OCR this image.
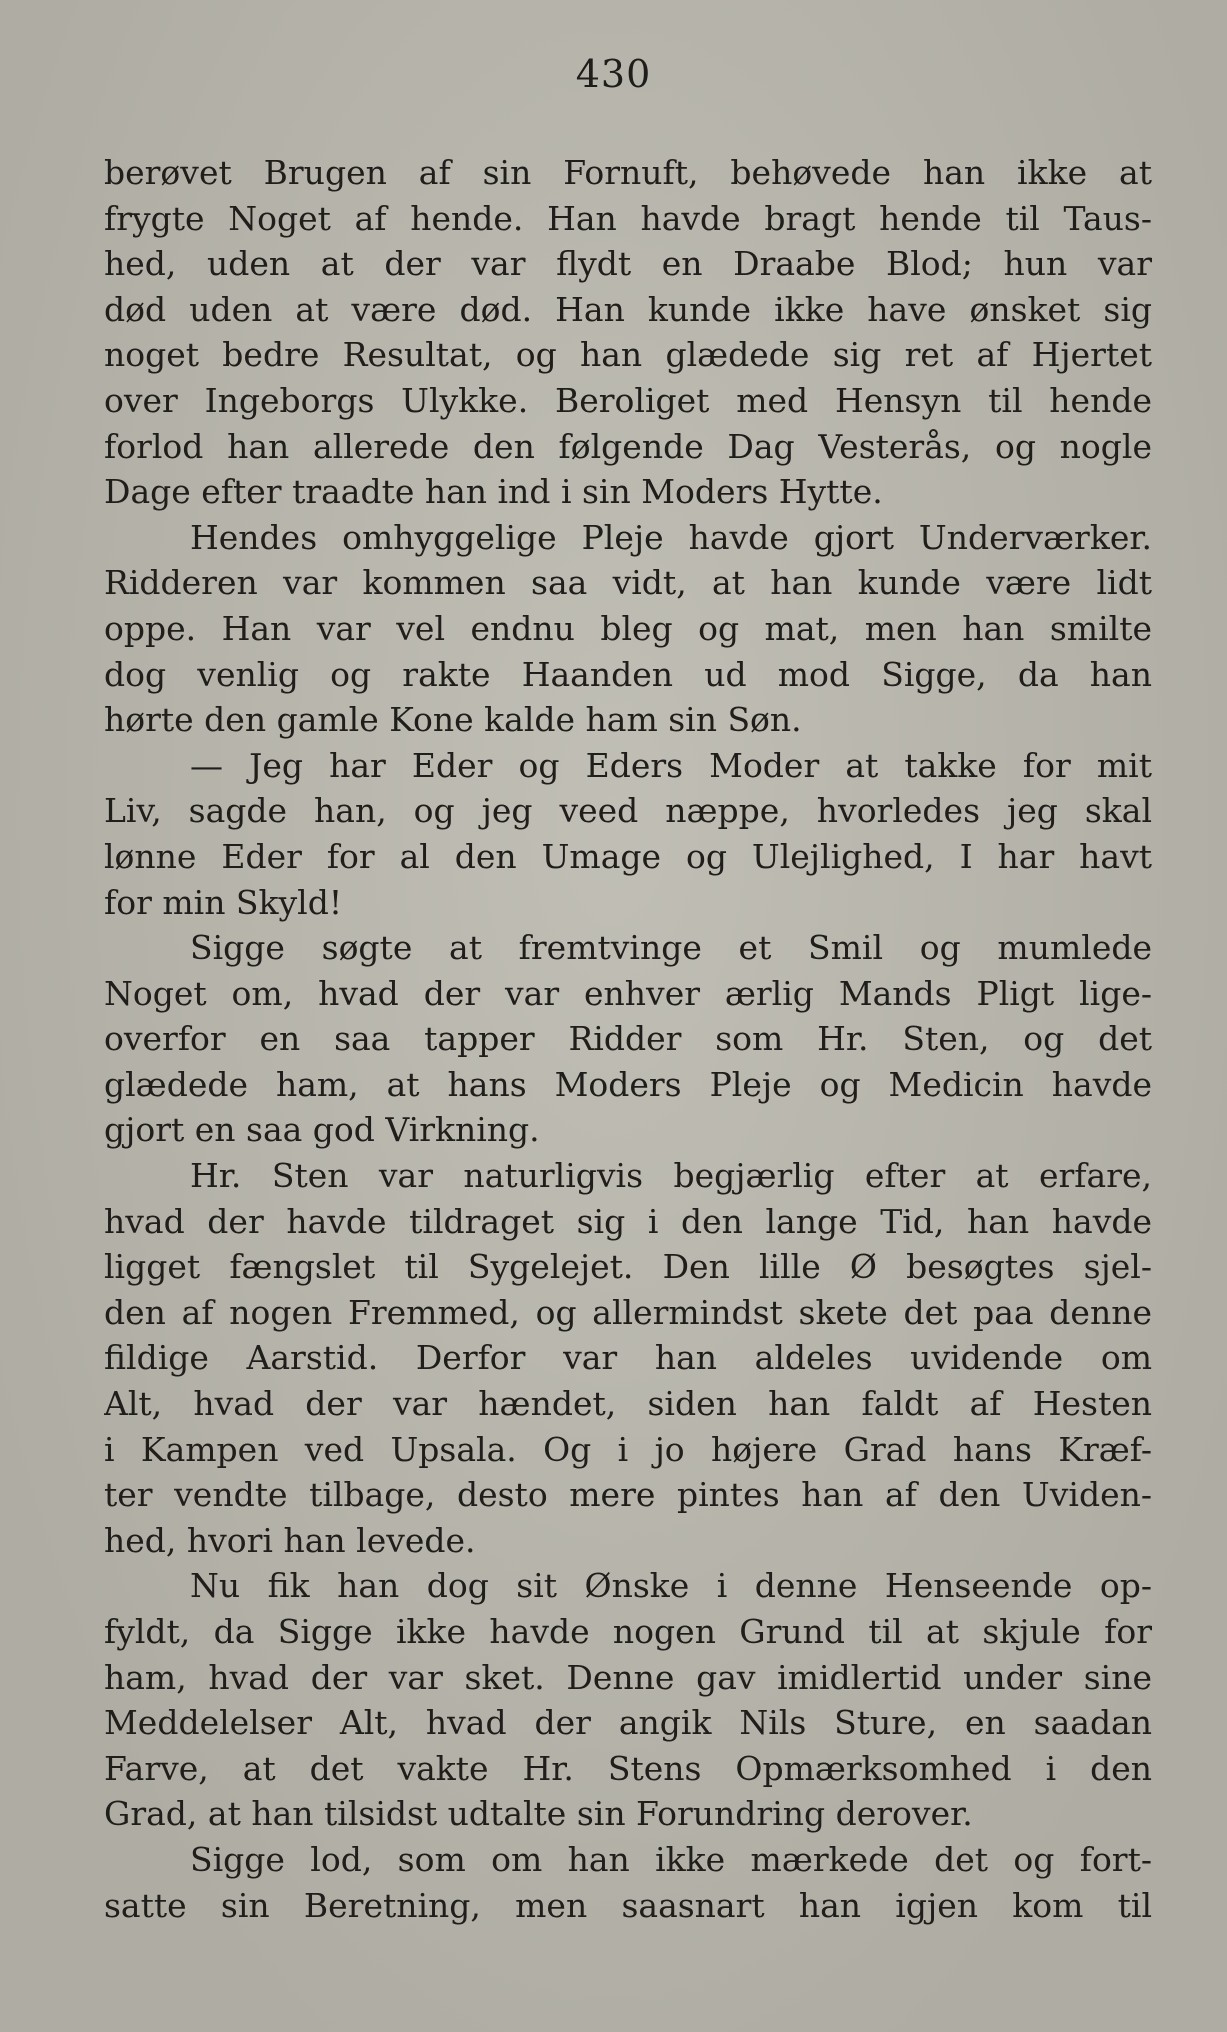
430
berøvet Brugen af sin Fornuft, behøvede han ikke at
frygte Noget af hende. Han havde bragt hende til Taus-
hed, uden at der var flydt en Draabe Blod; hun var
død uden at være død. Han kunde ikke have ønsket sig
noget bedre Resultat, og han glædede sig ret af Hjertet
over Ingeborgs Ulykke. Beroliget med Hensyn til hende
forlod han allerede den følgende Dag Vesterås, og nogle
Dage efter traadte han ind i sin Moders Hytte.
Hendes omhyggelige Pleje havde gjort Underværker.
Ridderen var kommen saa vidt, at han kunde være lidt
oppe. Han var vel endnu bleg og mat, men han smilte
dog venlig og rakte Haanden ud mod Sigge, da han
hørte den gamle Kone kalde ham sin Søn.
— Jeg har Eder og Eders Moder at takke for mit
Liv, sagde han, og jeg veed næppe, hvorledes jeg skal
lønne Eder for al den Umage og Ulejlighed, I har havt
for min Skyld!
Sigge søgte at fremtvinge et Smil og mumlede
Noget om, hvad der var enhver ærlig Mands Pligt lige-
overfor en saa tapper Ridder som Hr. Sten, og det
glædede ham, at hans Moders Pleje og Medicin havde
gjort en saa god Virkning.
Hr. Sten var naturligvis begjærlig efter at erfare,
hvad der havde tildraget sig i den lange Tid, han havde
ligget fængslet til Sygelejet. Den lille Ø besøgtes sjel-
den af nogen Fremmed, og allermindst skete det paa denne
fildige Aarstid. Derfor var han aldeles uvidende om
Alt, hvad der var hændet, siden han faldt af Hesten
i Kampen ved Upsala. Og i jo højere Grad hans Kræf-
ter vendte tilbage, desto mere pintes han af den Uviden-
hed, hvori han levede.
Nu fik han dog sit Ønske i denne Henseende op-
fyldt, da Sigge ikke havde nogen Grund til at skjule for
ham, hvad der var sket. Denne gav imidlertid under sine
Meddelelser Alt, hvad der angik Nils Sture, en saadan
Farve, at det vakte Hr. Stens Opmærksomhed i den
Grad, at han tilsidst udtalte sin Forundring derover.
Sigge lod, som om han ikke mærkede det og fort-
satte sin Beretning, men saasnart han igjen kom til
